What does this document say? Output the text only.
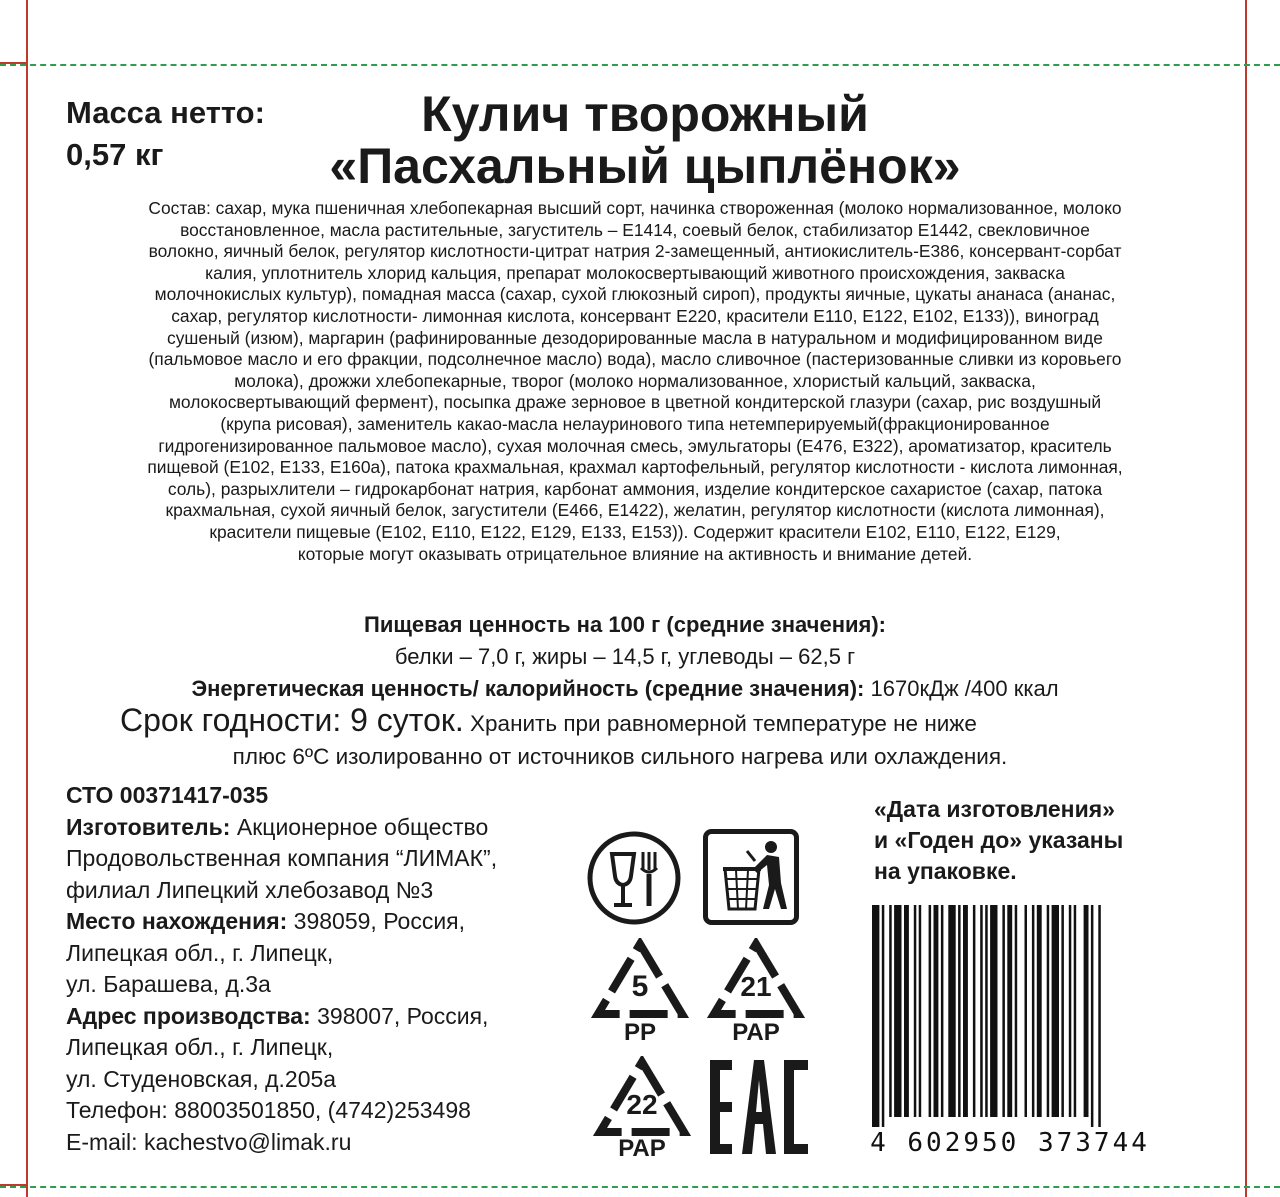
Масса нетто:
0,57 кг
Кулич творожный
«Пасхальный цыплёнок»
Состав: сахар, мука пшеничная хлебопекарная высший сорт, начинка створоженная (молоко нормализованное, молоко
восстановленное, масла растительные, загуститель – Е1414, соевый белок, стабилизатор Е1442, свекловичное
волокно, яичный белок, регулятор кислотности-цитрат натрия 2-замещенный, антиокислитель-Е386, консервант-сорбат
калия, уплотнитель хлорид кальция, препарат молокосвертывающий животного происхождения, закваска
молочнокислых культур), помадная масса (сахар, сухой глюкозный сироп), продукты яичные, цукаты ананаса (ананас,
сахар, регулятор кислотности- лимонная кислота, консервант Е220, красители Е110, Е122, Е102, Е133)), виноград
сушеный (изюм), маргарин (рафинированные дезодорированные масла в натуральном и модифицированном виде
(пальмовое масло и его фракции, подсолнечное масло) вода), масло сливочное (пастеризованные сливки из коровьего
молока), дрожжи хлебопекарные, творог (молоко нормализованное, хлористый кальций, закваска,
молокосвертывающий фермент), посыпка драже зерновое в цветной кондитерской глазури (сахар, рис воздушный
(крупа рисовая), заменитель какао-масла нелауринового типа нетемперируемый(фракционированное
гидрогенизированное пальмовое масло), сухая молочная смесь, эмульгаторы (Е476, Е322), ароматизатор, краситель
пищевой (Е102, Е133, Е160а), патока крахмальная, крахмал картофельный, регулятор кислотности - кислота лимонная,
соль), разрыхлители – гидрокарбонат натрия, карбонат аммония, изделие кондитерское сахаристое (сахар, патока
крахмальная, сухой яичный белок, загустители (Е466, Е1422), желатин, регулятор кислотности (кислота лимонная),
красители пищевые (Е102, Е110, Е122, Е129, Е133, Е153)). Содержит красители Е102, Е110, Е122, Е129,
которые могут оказывать отрицательное влияние на активность и внимание детей.
Пищевая ценность на 100 г (средние значения):
белки – 7,0 г, жиры – 14,5 г, углеводы – 62,5 г
Энергетическая ценность/ калорийность (средние значения): 1670кДж /400 ккал
Срок годности: 9 суток. Хранить при равномерной температуре не ниже
плюс 6ºС изолированно от источников сильного нагрева или охлаждения.
СТО 00371417-035
Изготовитель: Акционерное общество
Продовольственная компания “ЛИМАК”,
филиал Липецкий хлебозавод №3
Место нахождения: 398059, Россия,
Липецкая обл., г. Липецк,
ул. Барашева, д.3а
Адрес производства: 398007, Россия,
Липецкая обл., г. Липецк,
ул. Студеновская, д.205а
Телефон: 88003501850, (4742)253498
E-mail: kachestvo@limak.ru
«Дата изготовления»
и «Годен до» указаны
на упаковке.
5
PP
21
PAP
22
PAP	4 602950 373744
